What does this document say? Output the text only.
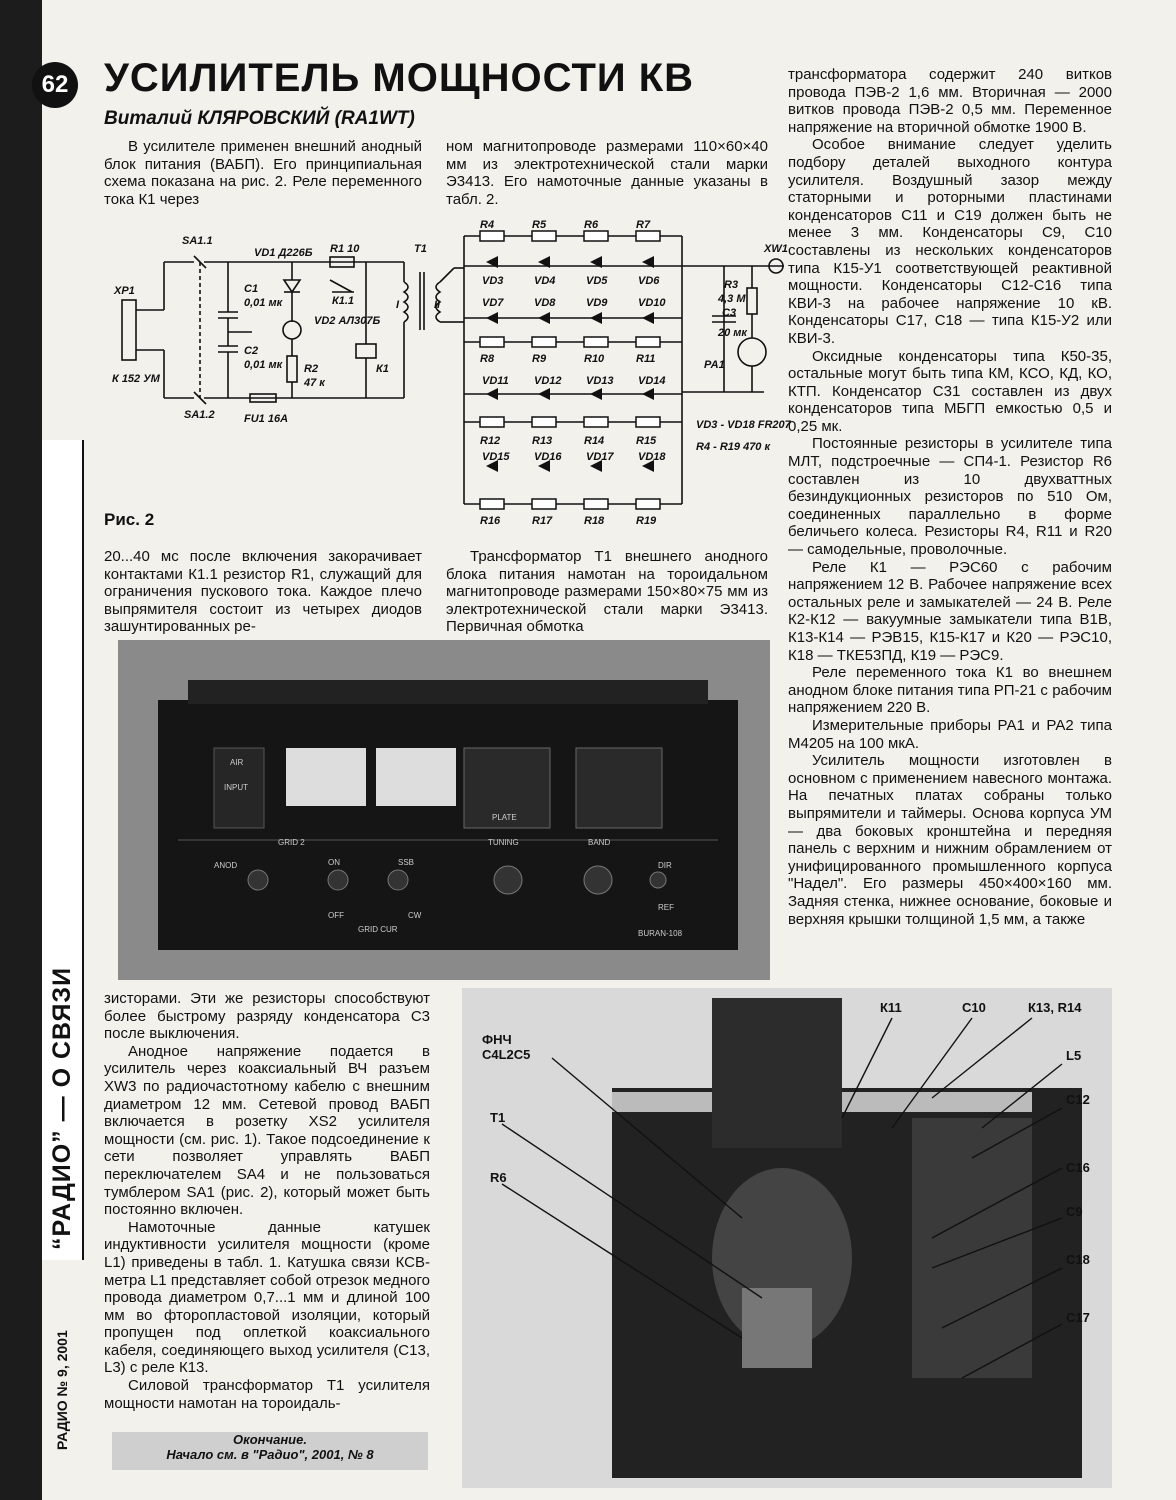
“РАДИО” — О СВЯЗИ
РАДИО № 9, 2001
62 УСИЛИТЕЛЬ МОЩНОСТИ КВ
Виталий КЛЯРОВСКИЙ (RA1WT)

В усилителе применен внешний анодный блок питания (ВАБП). Его принципиальная схема показана на рис. 2. Реле переменного тока К1 через

ном магнитопроводе размерами 110×60×40 мм из электротехнической стали марки Э3413. Его намоточные данные указаны в табл. 2.

трансформатора содержит 240 витков провода ПЭВ-2 1,6 мм. Вторичная — 2000 витков провода ПЭВ-2 0,5 мм. Переменное напряжение на вторичной обмотке 1900 В.

Особое внимание следует уделить подбору деталей выходного контура усилителя. Воздушный зазор между статорными и роторными пластинами конденсаторов С11 и С19 должен быть не менее 3 мм. Конденсаторы С9, С10 составлены из нескольких конденсаторов типа К15-У1 соответствующей реактивной мощности. Конденсаторы С12-С16 типа КВИ-3 на рабочее напряжение 10 кВ. Конденсаторы С17, С18 — типа К15-У2 или КВИ-3.

Оксидные конденсаторы типа К50-35, остальные могут быть типа КМ, КСО, КД, КО, КТП. Конденсатор С31 составлен из двух конденсаторов типа МБГП емкостью 0,5 и 0,25 мк.

Постоянные резисторы в усилителе типа МЛТ, подстроечные — СП4-1. Резистор R6 составлен из 10 двухваттных безиндукционных резисторов по 510 Ом, соединенных параллельно в форме беличьего колеса. Резисторы R4, R11 и R20 — самодельные, проволочные.

Реле К1 — РЭС60 с рабочим напряжением 12 В. Рабочее напряжение всех остальных реле и замыкателей — 24 В. Реле К2-К12 — вакуумные замыкатели типа В1В, К13-К14 — РЭВ15, К15-К17 и К20 — РЭС10, К18 — ТКЕ53ПД, К19 — РЭС9.

Реле переменного тока К1 во внешнем анодном блоке питания типа РП-21 с рабочим напряжением 220 В.

Измерительные приборы РА1 и РА2 типа М4205 на 100 мкА.

Усилитель мощности изготовлен в основном с применением навесного монтажа. На печатных платах собраны только выпрямители и таймеры. Основа корпуса УМ — два боковых кронштейна и передняя панель с верхним и нижним обрамлением от унифицированного промышленного корпуса "Надел". Его размеры 450×400×160 мм. Задняя стенка, нижнее основание, боковые и верхняя крышки толщиной 1,5 мм, а также

SA1.1
SA1.2
XP1
К 152 УМ
С1
0,01 мк
С2
0,01 мк
VD1 Д226Б
VD2 АЛ307Б
R1 10
R2
47 к
К1.1
К1
FU1 16А
Т1
I	II
R4	R5	R6	R7
VD3	VD4	VD5	VD6
VD7	VD8	VD9	VD10
R8	R9	R10	R11
VD11 VD12 VD13 VD14
R12	R13	R14	R15
VD15 VD16 VD17 VD18
R16	R17	R18	R19
XW1
R3
4,3 М
С3
20 мк
РА1
VD3 - VD18 FR207
R4 - R19 470 к
Рис. 2

20...40 мс после включения закорачивает контактами К1.1 резистор R1, служащий для ограничения пускового тока. Каждое плечо выпрямителя состоит из четырех диодов зашунтированных ре-

Трансформатор Т1 внешнего анодного блока питания намотан на тороидальном магнитопроводе размерами 150×80×75 мм из электротехнической стали марки Э3413. Первичная обмотка

AIR
INPUT
PLATE
GRID 2	TUNING	BAND
ANOD	ON	SSB
OFF	CW
DIR
REF
GRID CUR	BURAN-108

зисторами. Эти же резисторы способствуют более быстрому разряду конденсатора С3 после выключения.

Анодное напряжение подается в усилитель через коаксиальный ВЧ разъем XW3 по радиочастотному кабелю с внешним диаметром 12 мм. Сетевой провод ВАБП включается в розетку XS2 усилителя мощности (см. рис. 1). Такое подсоединение к сети позволяет управлять ВАБП переключателем SA4 и не пользоваться тумблером SA1 (рис. 2), который может быть постоянно включен.

Намоточные данные катушек индуктивности усилителя мощности (кроме L1) приведены в табл. 1. Катушка связи КСВ-метра L1 представляет собой отрезок медного провода диаметром 0,7...1 мм и длиной 100 мм во фторопластовой изоляции, который пропущен под оплеткой коаксиального кабеля, соединяющего выход усилителя (С13, L3) с реле К13.

Силовой трансформатор Т1 усилителя мощности намотан на тороидаль-

К11	С10	К13, R14
L5
С12
С16
С9
С18
С17
ФНЧ С4L2С5
Т1
R6
Окончание.
Начало см. в "Радио", 2001, № 8
